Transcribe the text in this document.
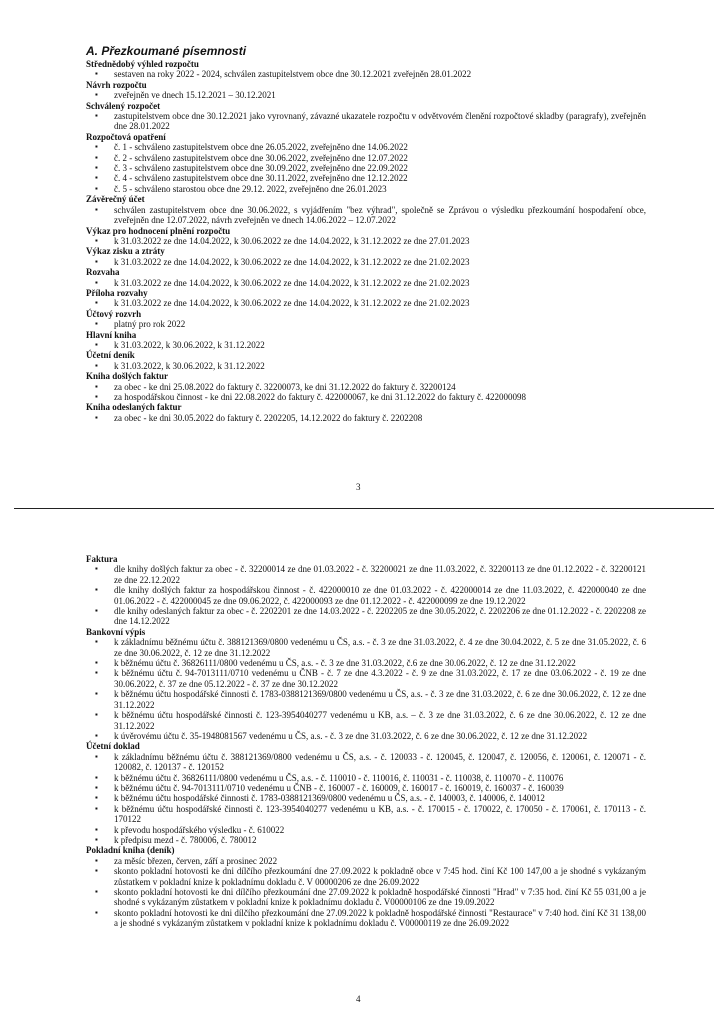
A. Přezkoumané písemnosti
Střednědobý výhled rozpočtu
▪ sestaven na roky 2022 - 2024, schválen zastupitelstvem obce dne 30.12.2021 zveřejněn 28.01.2022
Návrh rozpočtu
▪ zveřejněn ve dnech 15.12.2021 – 30.12.2021
Schválený rozpočet
▪ zastupitelstvem obce dne 30.12.2021 jako vyrovnaný, závazné ukazatele rozpočtu v odvětvovém členění rozpočtové skladby (paragrafy), zveřejněn dne 28.01.2022
Rozpočtová opatření
▪ č. 1 - schváleno zastupitelstvem obce dne 26.05.2022, zveřejněno dne 14.06.2022
▪ č. 2 - schváleno zastupitelstvem obce dne 30.06.2022, zveřejněno dne 12.07.2022
▪ č. 3 - schváleno zastupitelstvem obce dne 30.09.2022, zveřejněno dne 22.09.2022
▪ č. 4 - schváleno zastupitelstvem obce dne 30.11.2022, zveřejněno dne 12.12.2022
▪ č. 5 - schváleno starostou obce dne 29.12. 2022, zveřejněno dne 26.01.2023
Závěrečný účet
▪ schválen zastupitelstvem obce dne 30.06.2022, s vyjádřením "bez výhrad", společně se Zprávou o výsledku přezkoumání hospodaření obce, zveřejněn dne 12.07.2022, návrh zveřejněn ve dnech 14.06.2022 – 12.07.2022
Výkaz pro hodnocení plnění rozpočtu
▪ k 31.03.2022 ze dne 14.04.2022, k 30.06.2022 ze dne 14.04.2022, k 31.12.2022 ze dne 27.01.2023
Výkaz zisku a ztráty
▪ k 31.03.2022 ze dne 14.04.2022, k 30.06.2022 ze dne 14.04.2022, k 31.12.2022 ze dne 21.02.2023
Rozvaha
▪ k 31.03.2022 ze dne 14.04.2022, k 30.06.2022 ze dne 14.04.2022, k 31.12.2022 ze dne 21.02.2023
Příloha rozvahy
▪ k 31.03.2022 ze dne 14.04.2022, k 30.06.2022 ze dne 14.04.2022, k 31.12.2022 ze dne 21.02.2023
Účtový rozvrh
▪ platný pro rok 2022
Hlavní kniha
▪ k 31.03.2022, k 30.06.2022, k 31.12.2022
Účetní deník
▪ k 31.03.2022, k 30.06.2022, k 31.12.2022
Kniha došlých faktur
▪ za obec - ke dni 25.08.2022 do faktury č. 32200073, ke dni 31.12.2022 do faktury č. 32200124
▪ za hospodářskou činnost - ke dni 22.08.2022 do faktury č. 422000067, ke dni 31.12.2022 do faktury č. 422000098
Kniha odeslaných faktur
▪ za obec - ke dni 30.05.2022 do faktury č. 2202205, 14.12.2022 do faktury č. 2202208
3
Faktura
▪ dle knihy došlých faktur za obec - č. 32200014 ze dne 01.03.2022 - č. 32200021 ze dne 11.03.2022, č. 32200113 ze dne 01.12.2022 - č. 32200121 ze dne 22.12.2022
▪ dle knihy došlých faktur za hospodářskou činnost - č. 422000010 ze dne 01.03.2022 - č. 422000014 ze dne 11.03.2022, č. 422000040 ze dne 01.06.2022 - č. 422000045 ze dne 09.06.2022, č. 422000093 ze dne 01.12.2022 - č. 422000099 ze dne 19.12.2022
▪ dle knihy odeslaných faktur za obec - č. 2202201 ze dne 14.03.2022 - č. 2202205 ze dne 30.05.2022, č. 2202206 ze dne 01.12.2022 - č. 2202208 ze dne 14.12.2022
Bankovní výpis
▪ k základnímu běžnému účtu č. 388121369/0800 vedenému u ČS, a.s. - č. 3 ze dne 31.03.2022, č. 4 ze dne 30.04.2022, č. 5 ze dne 31.05.2022, č. 6 ze dne 30.06.2022, č. 12 ze dne 31.12.2022
▪ k běžnému účtu č. 36826111/0800 vedenému u ČS, a.s. - č. 3 ze dne 31.03.2022, č.6 ze dne 30.06.2022, č. 12 ze dne 31.12.2022
▪ k běžnému účtu č. 94-7013111/0710 vedenému u ČNB - č. 7 ze dne 4.3.2022 - č. 9 ze dne 31.03.2022, č. 17 ze dne 03.06.2022 - č. 19 ze dne 30.06.2022, č. 37 ze dne 05.12.2022 - č. 37 ze dne 30.12.2022
▪ k běžnému účtu hospodářské činnosti č. 1783-0388121369/0800 vedenému u ČS, a.s. - č. 3 ze dne 31.03.2022, č. 6 ze dne 30.06.2022, č. 12 ze dne 31.12.2022
▪ k běžnému účtu hospodářské činnosti č. 123-3954040277 vedenému u KB, a.s. – č. 3 ze dne 31.03.2022, č. 6 ze dne 30.06.2022, č. 12 ze dne 31.12.2022
▪ k úvěrovému účtu č. 35-1948081567 vedenému u ČS, a.s. - č. 3 ze dne 31.03.2022, č. 6 ze dne 30.06.2022, č. 12 ze dne 31.12.2022
Účetní doklad
▪ k základnímu běžnému účtu č. 388121369/0800 vedenému u ČS, a.s. - č. 120033 - č. 120045, č. 120047, č. 120056, č. 120061, č. 120071 - č. 120082, č. 120137 - č. 120152
▪ k běžnému účtu č. 36826111/0800 vedenému u ČS, a.s. - č. 110010 - č. 110016, č. 110031 - č. 110038, č. 110070 - č. 110076
▪ k běžnému účtu č. 94-7013111/0710 vedenému u ČNB - č. 160007 - č. 160009, č. 160017 - č. 160019, č. 160037 - č. 160039
▪ k běžnému účtu hospodářské činnosti č. 1783-0388121369/0800 vedenému u ČS, a.s. - č. 140003, č. 140006, č. 140012
▪ k běžnému účtu hospodářské činnosti č. 123-3954040277 vedenému u KB, a.s. - č. 170015 - č. 170022, č. 170050 - č. 170061, č. 170113 - č. 170122
▪ k převodu hospodářského výsledku - č. 610022
▪ k předpisu mezd - č. 780006, č. 780012
Pokladní kniha (deník)
▪ za měsíc březen, červen, září a prosinec 2022
▪ skonto pokladní hotovosti ke dni dílčího přezkoumání dne 27.09.2022 k pokladně obce v 7:45 hod. činí Kč 100 147,00 a je shodné s vykázaným zůstatkem v pokladní knize k pokladnímu dokladu č. V 00000206 ze dne 26.09.2022
▪ skonto pokladní hotovosti ke dni dílčího přezkoumání dne 27.09.2022 k pokladně hospodářské činnosti "Hrad" v 7:35 hod. činí Kč 55 031,00 a je shodné s vykázaným zůstatkem v pokladní knize k pokladnímu dokladu č. V00000106 ze dne 19.09.2022
▪ skonto pokladní hotovosti ke dni dílčího přezkoumání dne 27.09.2022 k pokladně hospodářské činnosti "Restaurace" v 7:40 hod. činí Kč 31 138,00 a je shodné s vykázaným zůstatkem v pokladní knize k pokladnímu dokladu č. V00000119 ze dne 26.09.2022
4
